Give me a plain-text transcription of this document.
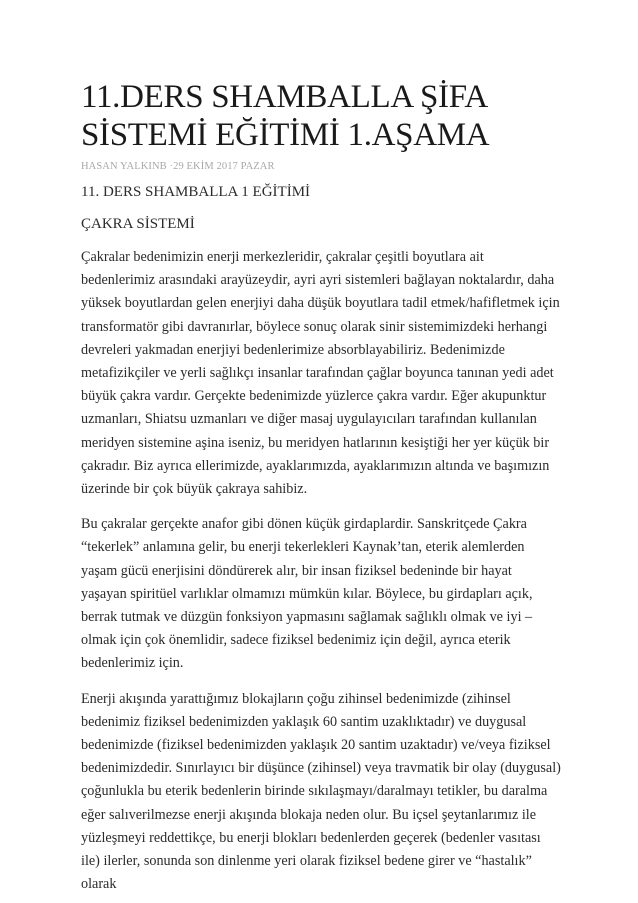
11.DERS SHAMBALLA ŞİFA
SİSTEMİ EĞİTİMİ 1.AŞAMA
HASAN YALKINB ·29 EKİM 2017 PAZAR
11. DERS SHAMBALLA 1 EĞİTİMİ
ÇAKRA SİSTEMİ

Çakralar bedenimizin enerji merkezleridir, çakralar çeşitli boyutlara ait bedenlerimiz arasındaki arayüzeydir, ayri ayri sistemleri bağlayan noktalardır, daha yüksek boyutlardan gelen enerjiyi daha düşük boyutlara tadil etmek/hafifletmek için transformatör gibi davranırlar, böylece sonuç olarak sinir sistemimizdeki herhangi devreleri yakmadan enerjiyi bedenlerimize absorblayabiliriz. Bedenimizde metafizikçiler ve yerli sağlıkçı insanlar tarafından çağlar boyunca tanınan yedi adet büyük çakra vardır. Gerçekte bedenimizde yüzlerce çakra vardır. Eğer akupunktur uzmanları, Shiatsu uzmanları ve diğer masaj uygulayıcıları tarafından kullanılan meridyen sistemine aşina iseniz, bu meridyen hatlarının kesiştiği her yer küçük bir çakradır. Biz ayrıca ellerimizde, ayaklarımızda, ayaklarımızın altında ve başımızın üzerinde bir çok büyük çakraya sahibiz.

Bu çakralar gerçekte anafor gibi dönen küçük girdaplardir. Sanskritçede Çakra “tekerlek” anlamına gelir, bu enerji tekerlekleri Kaynak’tan, eterik alemlerden yaşam gücü enerjisini döndürerek alır, bir insan fiziksel bedeninde bir hayat yaşayan spiritüel varlıklar olmamızı mümkün kılar. Böylece, bu girdapları açık, berrak tutmak ve düzgün fonksiyon yapmasını sağlamak sağlıklı olmak ve iyi – olmak için çok önemlidir, sadece fiziksel bedenimiz için değil, ayrıca eterik bedenlerimiz için.

Enerji akışında yarattığımız blokajların çoğu zihinsel bedenimizde (zihinsel bedenimiz fiziksel bedenimizden yaklaşık 60 santim uzaklıktadır) ve duygusal bedenimizde (fiziksel bedenimizden yaklaşık 20 santim uzaktadır) ve/veya fiziksel bedenimizdedir. Sınırlayıcı bir düşünce (zihinsel) veya travmatik bir olay (duygusal) çoğunlukla bu eterik bedenlerin birinde sıkılaşmayı/daralmayı tetikler, bu daralma eğer salıverilmezse enerji akışında blokaja neden olur. Bu içsel şeytanlarımız ile yüzleşmeyi reddettikçe, bu enerji blokları bedenlerden geçerek (bedenler vasıtası ile) ilerler, sonunda son dinlenme yeri olarak fiziksel bedene girer ve “hastalık” olarak
